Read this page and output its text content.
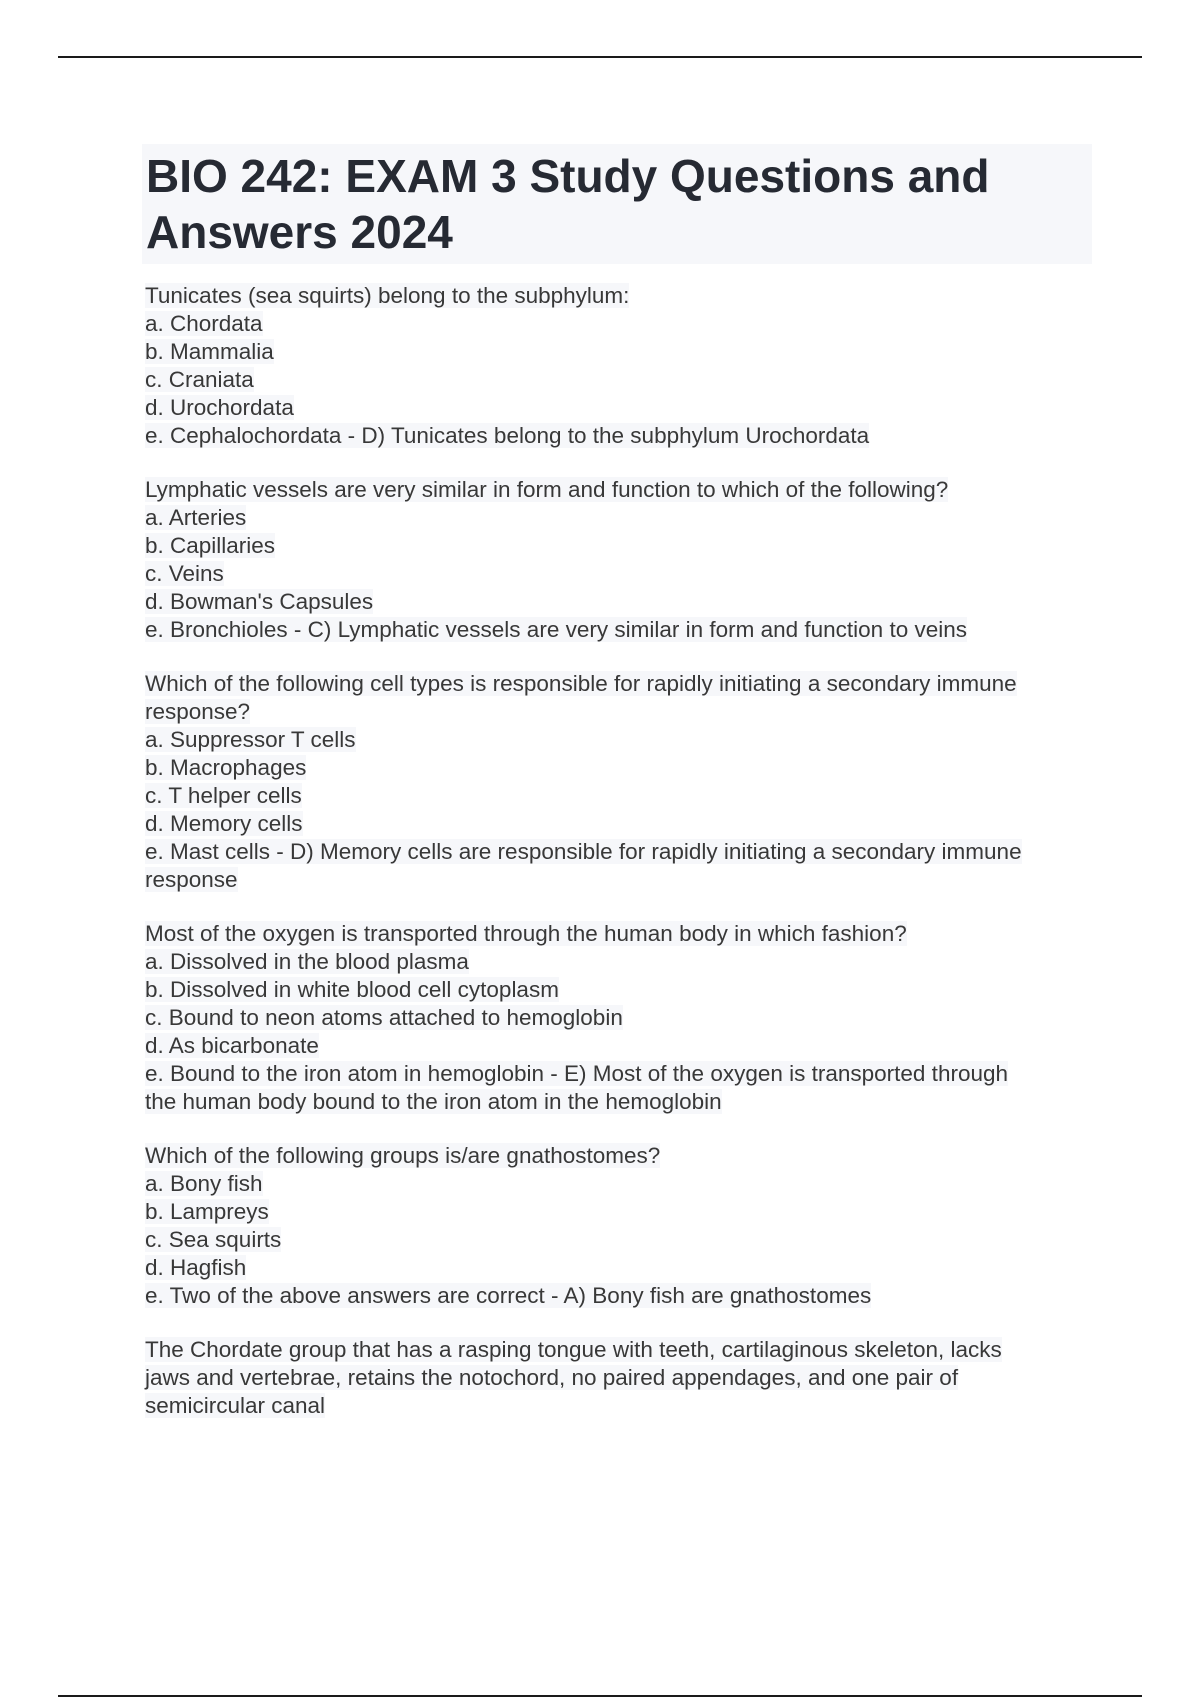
BIO 242: EXAM 3 Study Questions and Answers 2024
Tunicates (sea squirts) belong to the subphylum:
a. Chordata
b. Mammalia
c. Craniata
d. Urochordata
e. Cephalochordata - D) Tunicates belong to the subphylum Urochordata
Lymphatic vessels are very similar in form and function to which of the following?
a. Arteries
b. Capillaries
c. Veins
d. Bowman's Capsules
e. Bronchioles - C) Lymphatic vessels are very similar in form and function to veins
Which of the following cell types is responsible for rapidly initiating a secondary immune
response?
a. Suppressor T cells
b. Macrophages
c. T helper cells
d. Memory cells
e. Mast cells - D) Memory cells are responsible for rapidly initiating a secondary immune
response
Most of the oxygen is transported through the human body in which fashion?
a. Dissolved in the blood plasma
b. Dissolved in white blood cell cytoplasm
c. Bound to neon atoms attached to hemoglobin
d. As bicarbonate
e. Bound to the iron atom in hemoglobin - E) Most of the oxygen is transported through
the human body bound to the iron atom in the hemoglobin
Which of the following groups is/are gnathostomes?
a. Bony fish
b. Lampreys
c. Sea squirts
d. Hagfish
e. Two of the above answers are correct - A) Bony fish are gnathostomes
The Chordate group that has a rasping tongue with teeth, cartilaginous skeleton, lacks
jaws and vertebrae, retains the notochord, no paired appendages, and one pair of
semicircular canal
